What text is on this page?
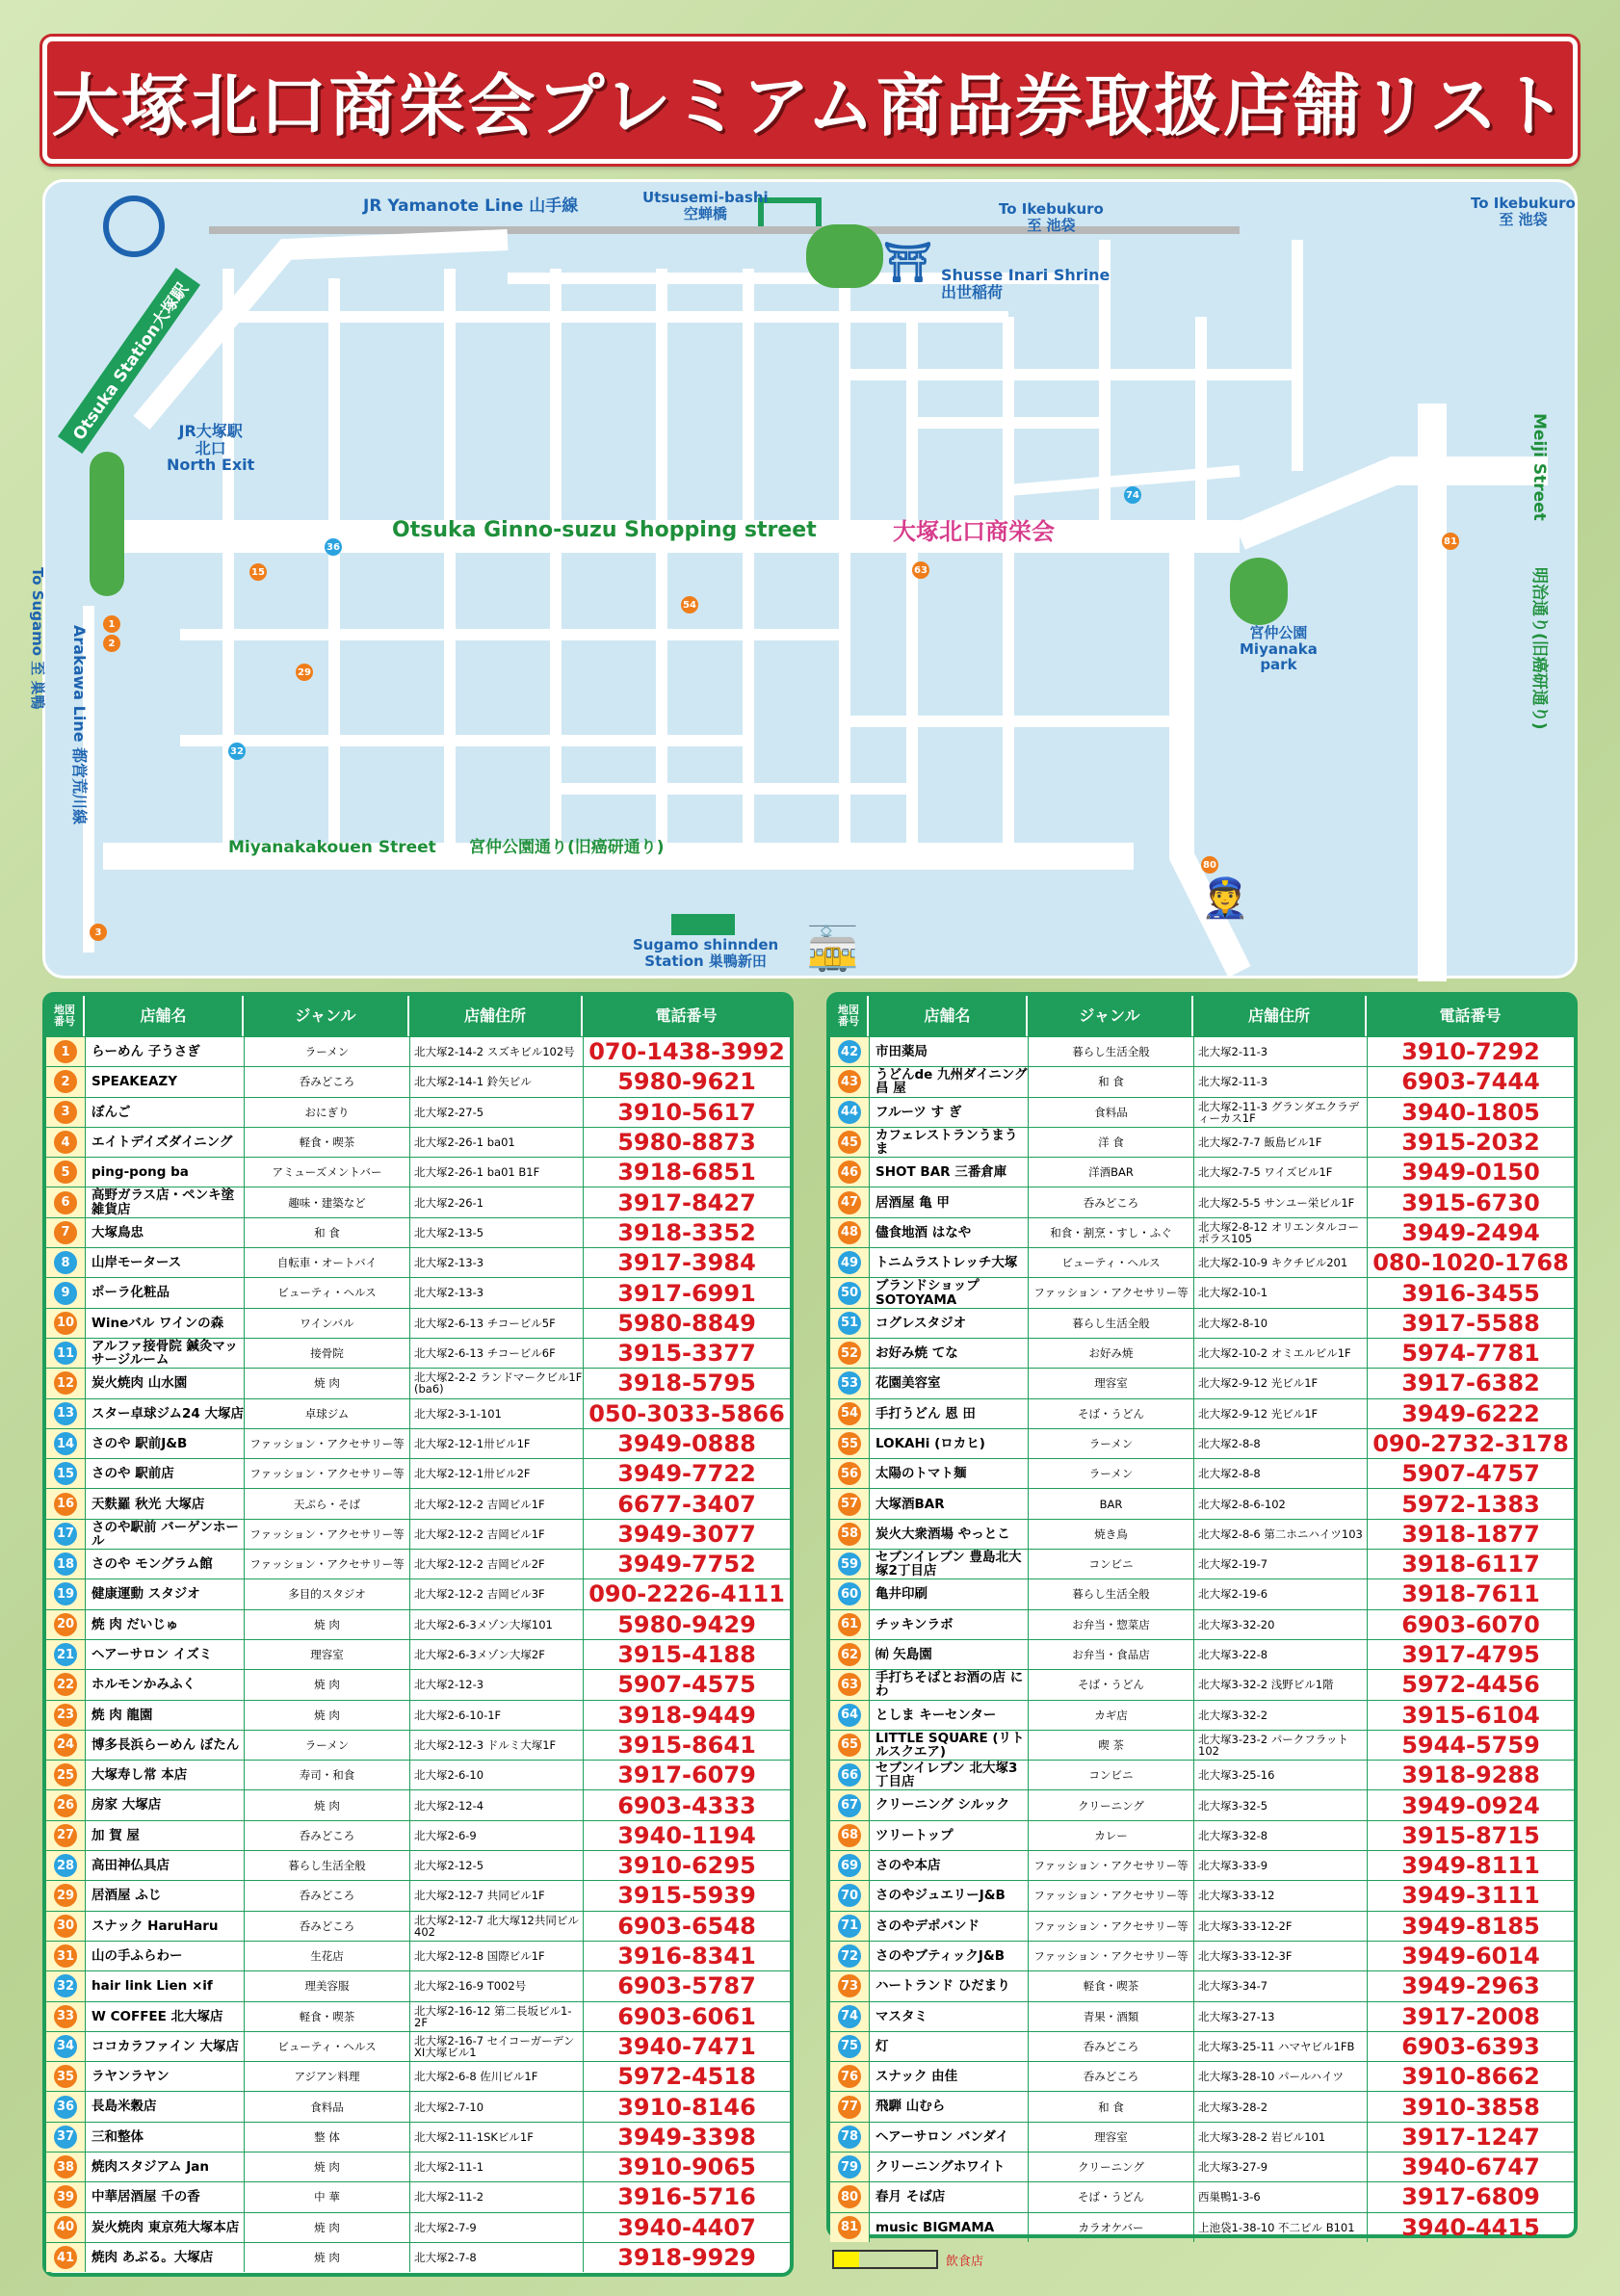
大塚北口商栄会プレミアム商品券取扱店舗リスト
⛩
🚋
👮
Otsuka Station大塚駅
JR Yamanote Line 山手線	Utsusemi-bashi
空蝉橋	To Ikebukuro
至 池袋
To Ikebukuro
至 池袋
Shusse Inari Shrine
出世稲荷
JR大塚駅
北口
North Exit
To Sugamo 至 巣鴨
Otsuka Ginno-suzu Shopping street	大塚北口商栄会
Meiji Street
明治通り(旧癌研通り)
宮仲公園
Miyanaka
park
Arakawa Line 都営荒川線
Miyanakakouen Street 宮仲公園通り(旧癌研通り)
Sugamo shinnden
Station 巣鴨新田
1
2
3
15
29
32
36
54
63
74
80
81
地図
番号	店舗名	ジャンル	店舗住所	電話番号
1	らーめん 子うさぎ	ラーメン	北大塚2-14-2 スズキビル102号 070-1438-3992
2	SPEAKEAZY	呑みどころ	北大塚2-14-1 鈴矢ビル	5980-9621
3	ぼんご	おにぎり	北大塚2-27-5	3910-5617
4	エイトデイズダイニング	軽食・喫茶	北大塚2-26-1 ba01	5980-8873
5	ping-pong ba	アミューズメントバー	北大塚2-26-1 ba01 B1F	3918-6851
6	高野ガラス店・ペンキ塗雑貨店	趣味・建築など	北大塚2-26-1	3917-8427
7	大塚鳥忠	和 食	北大塚2-13-5	3918-3352
8	山岸モータース	自転車・オートバイ	北大塚2-13-3	3917-3984
9	ポーラ化粧品	ビューティ・ヘルス	北大塚2-13-3	3917-6991
10	Wineバル ワインの森	ワインバル	北大塚2-6-13 チコービル5F	5980-8849
11	アルファ接骨院 鍼灸マッサージルーム	接骨院	北大塚2-6-13 チコービル6F	3915-3377
12	炭火焼肉 山水園	焼 肉	北大塚2-2-2 ランドマークビル1F (ba6)	3918-5795
13	スター卓球ジム24 大塚店	卓球ジム	北大塚2-3-1-101	050-3033-5866
14	さのや 駅前J&B	ファッション・アクセサリー等 北大塚2-12-1卅ビル1F	3949-0888
15	さのや 駅前店	ファッション・アクセサリー等 北大塚2-12-1卅ビル2F	3949-7722
16	天麩羅 秋光 大塚店	天ぷら・そば	北大塚2-12-2 吉岡ビル1F	6677-3407
17	さのや駅前 バーゲンホール	ファッション・アクセサリー等 北大塚2-12-2 吉岡ビル1F	3949-3077
18	さのや モングラム館	ファッション・アクセサリー等 北大塚2-12-2 吉岡ビル2F	3949-7752
19	健康運動 スタジオ	多目的スタジオ	北大塚2-12-2 吉岡ビル3F	090-2226-4111
20	焼 肉 だいじゅ	焼 肉	北大塚2-6-3メゾン大塚101	5980-9429
21	ヘアーサロン イズミ	理容室	北大塚2-6-3メゾン大塚2F	3915-4188
22	ホルモンかみふく	焼 肉	北大塚2-12-3	5907-4575
23	焼 肉 龍園	焼 肉	北大塚2-6-10-1F	3918-9449
24	博多長浜らーめん ぼたん	ラーメン	北大塚2-12-3 ドルミ大塚1F	3915-8641
25	大塚寿し常 本店	寿司・和食	北大塚2-6-10	3917-6079
26	房家 大塚店	焼 肉	北大塚2-12-4	6903-4333
27	加 賀 屋	呑みどころ	北大塚2-6-9	3940-1194
28	高田神仏具店	暮らし生活全般	北大塚2-12-5	3910-6295
29	居酒屋 ふじ	呑みどころ	北大塚2-12-7 共同ビル1F	3915-5939
30	スナック HaruHaru	呑みどころ	北大塚2-12-7 北大塚12共同ビル402	6903-6548
31	山の手ふらわー	生花店	北大塚2-12-8 国際ビル1F	3916-8341
32	hair link Lien ×if	理美容服	北大塚2-16-9 T002号	6903-5787
33	W COFFEE 北大塚店	軽食・喫茶	北大塚2-16-12 第二長坂ビル1-2F	6903-6061
34	ココカラファイン 大塚店	ビューティ・ヘルス	北大塚2-16-7 セイコーガーデンXI大塚ビル1	3940-7471
35	ラヤンラヤン	アジアン料理	北大塚2-6-8 佐川ビル1F	5972-4518
36	長島米穀店	食料品	北大塚2-7-10	3910-8146
37	三和整体	整 体	北大塚2-11-1SKビル1F	3949-3398
38	焼肉スタジアム Jan	焼 肉	北大塚2-11-1	3910-9065
39	中華居酒屋 千の香	中 華	北大塚2-11-2	3916-5716
40	炭火焼肉 東京苑大塚本店	焼 肉	北大塚2-7-9	3940-4407
41	焼肉 あぶる。大塚店	焼 肉	北大塚2-7-8	3918-9929
地図
番号	店舗名	ジャンル	店舗住所	電話番号
42	市田薬局	暮らし生活全般	北大塚2-11-3	3910-7292
43	うどんde 九州ダイニング 昌 屋	和 食	北大塚2-11-3	6903-7444
44	フルーツ す ぎ	食料品	北大塚2-11-3 グランダエクラディーカス1F	3940-1805
45	カフェレストランうまうま	洋 食	北大塚2-7-7 飯島ビル1F	3915-2032
46	SHOT BAR 三番倉庫	洋酒BAR	北大塚2-7-5 ワイズビル1F	3949-0150
47	居酒屋 亀 甲	呑みどころ	北大塚2-5-5 サンユー栄ビル1F	3915-6730
48	儘食地酒 はなや	和食・割烹・すし・ふぐ	北大塚2-8-12 オリエンタルコーポラス105	3949-2494
49	トニムラストレッチ大塚	ビューティ・ヘルス	北大塚2-10-9 キクチビル201	080-1020-1768
50	ブランドショップ SOTOYAMA	ファッション・アクセサリー等 北大塚2-10-1	3916-3455
51	コグレスタジオ	暮らし生活全般	北大塚2-8-10	3917-5588
52	お好み焼 てな	お好み焼	北大塚2-10-2 オミエルビル1F	5974-7781
53	花園美容室	理容室	北大塚2-9-12 光ビル1F	3917-6382
54	手打うどん 恩 田	そば・うどん	北大塚2-9-12 光ビル1F	3949-6222
55	LOKAHi (ロカヒ)	ラーメン	北大塚2-8-8	090-2732-3178
56	太陽のトマト麺	ラーメン	北大塚2-8-8	5907-4757
57	大塚酒BAR	BAR	北大塚2-8-6-102	5972-1383
58	炭火大衆酒場 やっとこ	焼き鳥	北大塚2-8-6 第二ホニハイツ103	3918-1877
59	セブンイレブン 豊島北大塚2丁目店	コンビニ	北大塚2-19-7	3918-6117
60	亀井印刷	暮らし生活全般	北大塚2-19-6	3918-7611
61	チッキンラボ	お弁当・惣菜店	北大塚3-32-20	6903-6070
62	㈲ 矢島園	お弁当・食品店	北大塚3-22-8	3917-4795
63	手打ちそばとお酒の店 に わ	そば・うどん	北大塚3-32-2 浅野ビル1階	5972-4456
64	としま キーセンター	カギ店	北大塚3-32-2	3915-6104
65	LITTLE SQUARE (リトルスクエア)	喫 茶	北大塚3-23-2 パークフラット102	5944-5759
66	セブンイレブン 北大塚3丁目店	コンビニ	北大塚3-25-16	3918-9288
67	クリーニング シルック	クリーニング	北大塚3-32-5	3949-0924
68	ツリートップ	カレー	北大塚3-32-8	3915-8715
69	さのや本店	ファッション・アクセサリー等 北大塚3-33-9	3949-8111
70	さのやジュエリーJ&B	ファッション・アクセサリー等 北大塚3-33-12	3949-3111
71	さのやデポバンド	ファッション・アクセサリー等 北大塚3-33-12-2F	3949-8185
72	さのやブティックJ&B	ファッション・アクセサリー等 北大塚3-33-12-3F	3949-6014
73	ハートランド ひだまり	軽食・喫茶	北大塚3-34-7	3949-2963
74	マスタミ	青果・酒類	北大塚3-27-13	3917-2008
75	灯	呑みどころ	北大塚3-25-11 ハマヤビル1FB	6903-6393
76	スナック 由佳	呑みどころ	北大塚3-28-10 パールハイツ	3910-8662
77	飛騨 山むら	和 食	北大塚3-28-2	3910-3858
78	ヘアーサロン バンダイ	理容室	北大塚3-28-2 岩ビル101	3917-1247
79	クリーニングホワイト	クリーニング	北大塚3-27-9	3940-6747
80	春月 そば店	そば・うどん	西巣鴨1-3-6	3917-6809
81	music BIGMAMA	カラオケバー	上池袋1-38-10 不二ビル B101	3940-4415
飲食店
